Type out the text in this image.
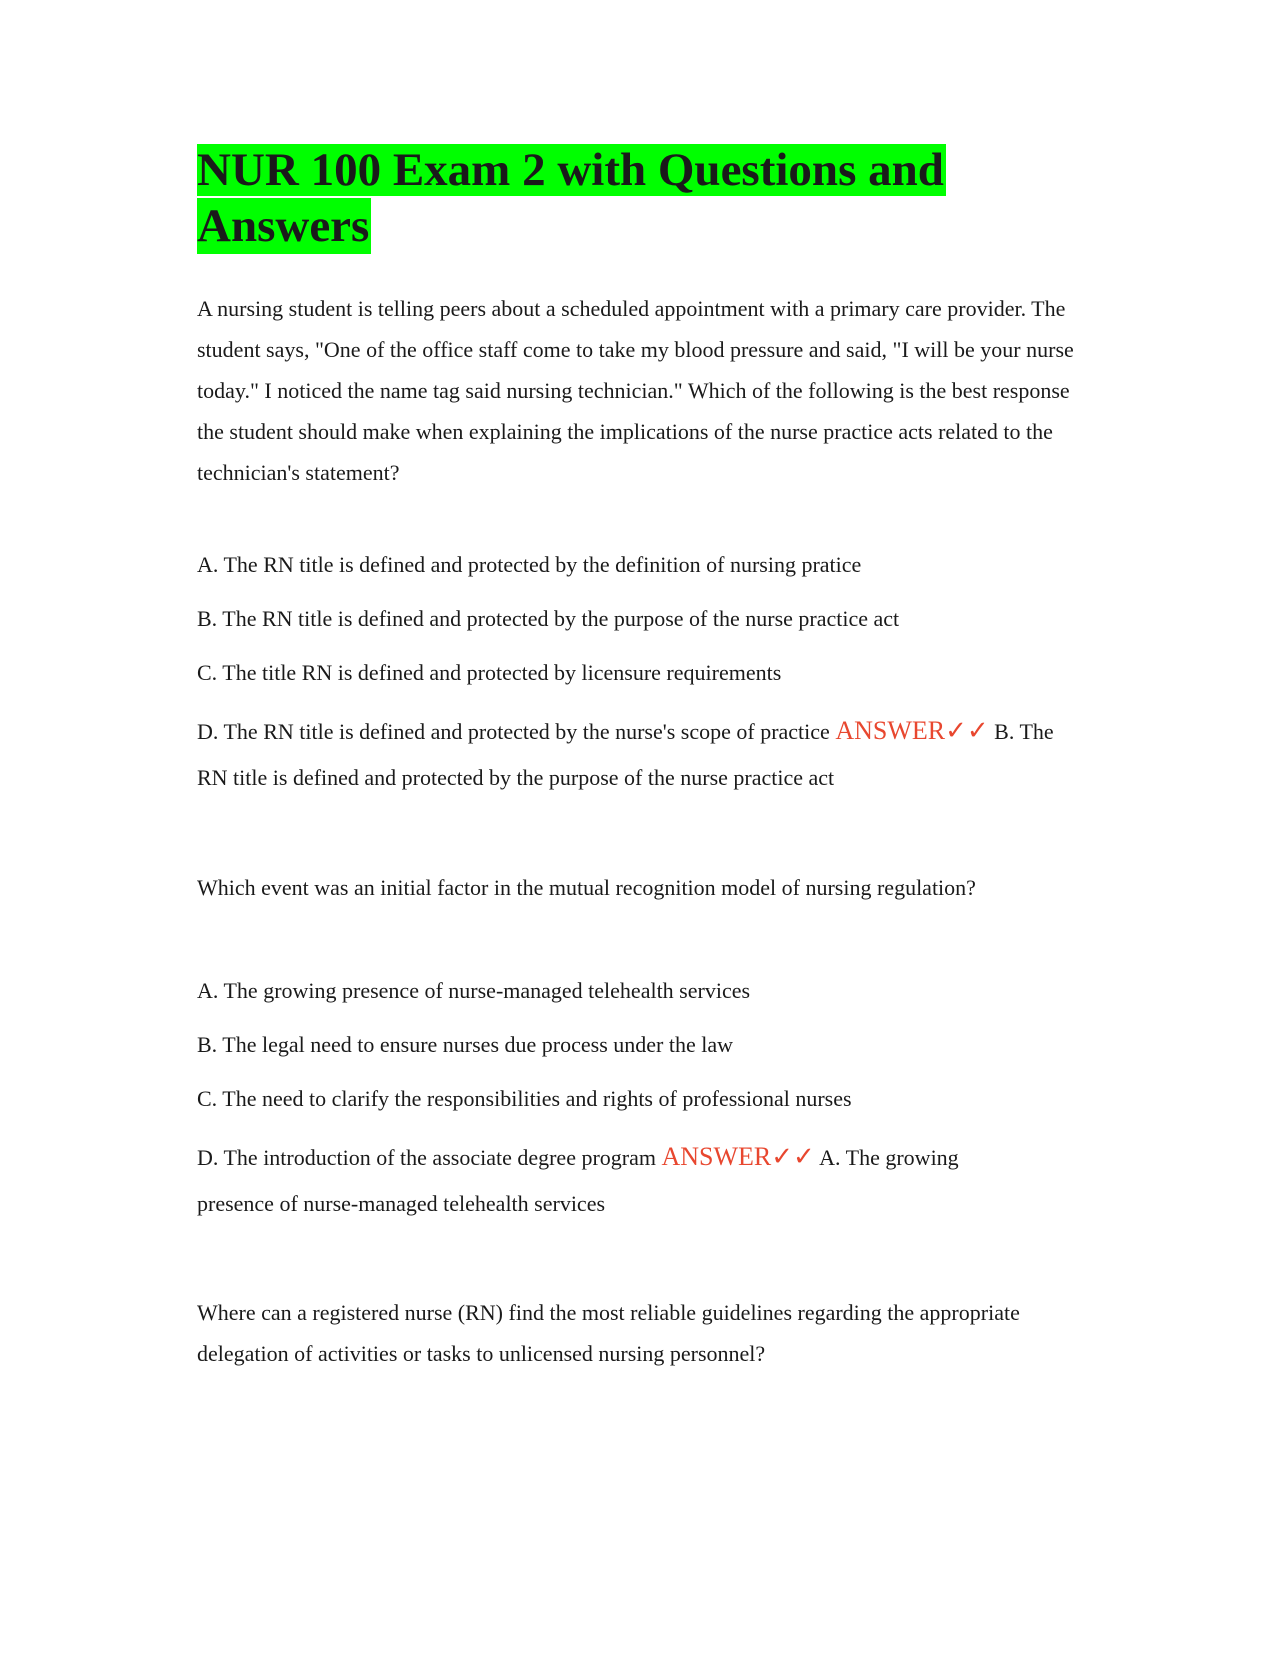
NUR 100 Exam 2 with Questions and
Answers

A nursing student is telling peers about a scheduled appointment with a primary care provider. The student says, "One of the office staff come to take my blood pressure and said, "I will be your nurse today." I noticed the name tag said nursing technician." Which of the following is the best response the student should make when explaining the implications of the nurse practice acts related to the technician's statement?

A. The RN title is defined and protected by the definition of nursing pratice

B. The RN title is defined and protected by the purpose of the nurse practice act

C. The title RN is defined and protected by licensure requirements

D. The RN title is defined and protected by the nurse's scope of practice ANSWER✓✓ B. The RN title is defined and protected by the purpose of the nurse practice act

Which event was an initial factor in the mutual recognition model of nursing regulation?

A. The growing presence of nurse-managed telehealth services

B. The legal need to ensure nurses due process under the law

C. The need to clarify the responsibilities and rights of professional nurses

D. The introduction of the associate degree program ANSWER✓✓ A. The growing presence of nurse-managed telehealth services

Where can a registered nurse (RN) find the most reliable guidelines regarding the appropriate delegation of activities or tasks to unlicensed nursing personnel?
